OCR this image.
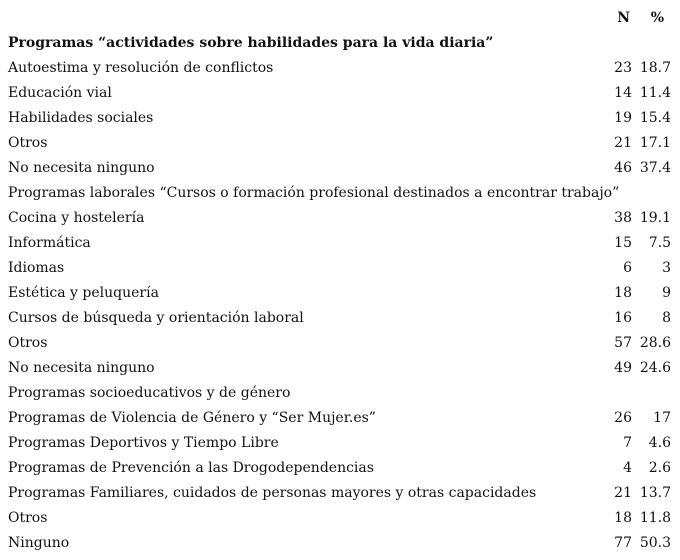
N %
Programas “actividades sobre habilidades para la vida diaria”
Autoestima y resolución de conflictos	23 18.7
Educación vial	14 11.4
Habilidades sociales	19 15.4
Otros	21 17.1
No necesita ninguno	46 37.4
Programas laborales “Cursos o formación profesional destinados a encontrar trabajo”
Cocina y hostelería	38 19.1
Informática	15 7.5
Idiomas	6 3
Estética y peluquería	18 9
Cursos de búsqueda y orientación laboral	16 8
Otros	57 28.6
No necesita ninguno	49 24.6
Programas socioeducativos y de género
Programas de Violencia de Género y “Ser Mujer.es”	26 17
Programas Deportivos y Tiempo Libre	7 4.6
Programas de Prevención a las Drogodependencias	4 2.6
Programas Familiares, cuidados de personas mayores y otras capacidades	21 13.7
Otros	18 11.8
Ninguno	77 50.3
